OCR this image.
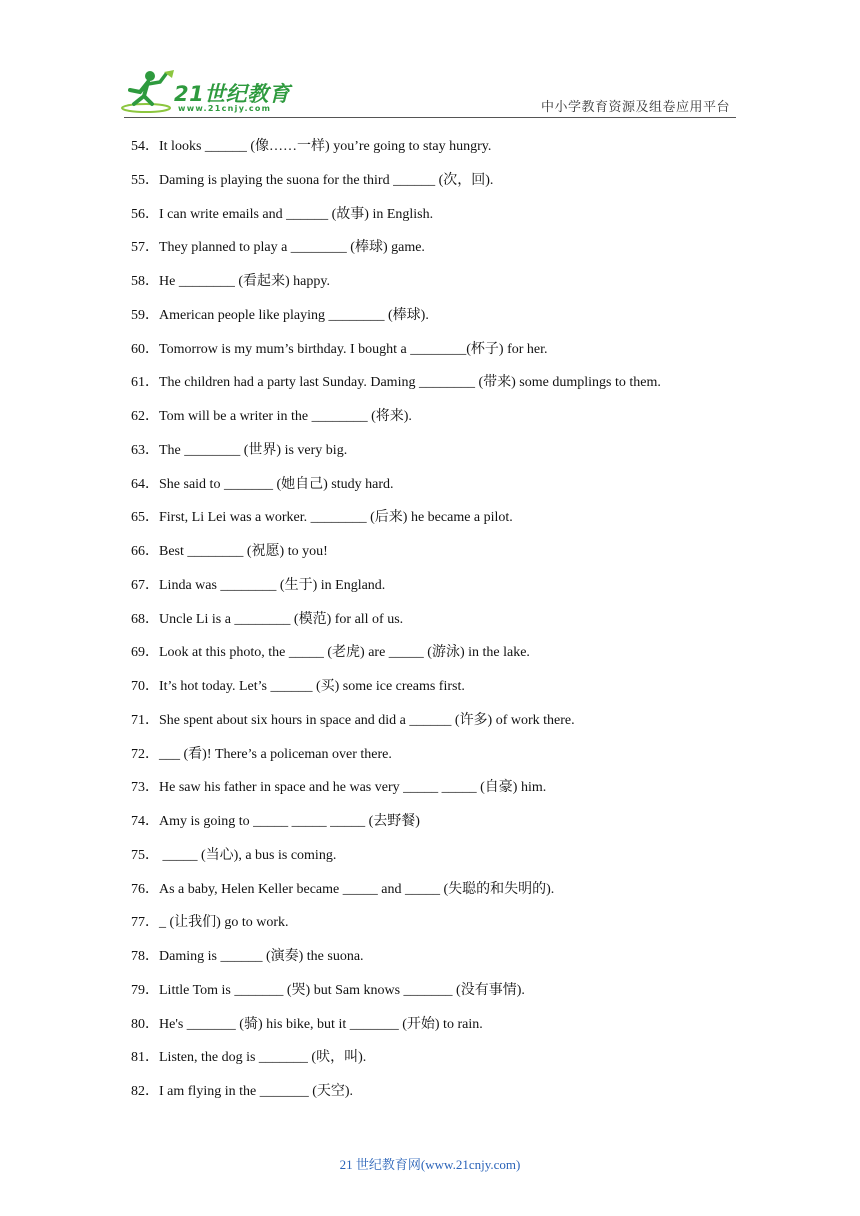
21世纪教育
www.21cnjy.com	中小学教育资源及组卷应用平台
54．It looks ______ (像……一样) you’re going to stay hungry.
55．Daming is playing the suona for the third ______ (次，回).
56．I can write emails and ______ (故事) in English.
57．They planned to play a ________ (棒球) game.
58．He ________ (看起来) happy.
59．American people like playing ________ (棒球).
60．Tomorrow is my mum’s birthday. I bought a ________(杯子) for her.
61．The children had a party last Sunday. Daming ________ (带来) some dumplings to them.
62．Tom will be a writer in the ________ (将来).
63．The ________ (世界) is very big.
64．She said to _______ (她自己) study hard.
65．First, Li Lei was a worker. ________ (后来) he became a pilot.
66．Best ________ (祝愿) to you!
67．Linda was ________ (生于) in England.
68．Uncle Li is a ________ (模范) for all of us.
69．Look at this photo, the _____ (老虎) are _____ (游泳) in the lake.
70．It’s hot today. Let’s ______ (买) some ice creams first.
71．She spent about six hours in space and did a ______ (许多) of work there.
72．___ (看)! There’s a policeman over there.
73．He saw his father in space and he was very _____ _____ (自豪) him.
74．Amy is going to _____ _____ _____ (去野餐)
75． _____ (当心), a bus is coming.
76．As a baby, Helen Keller became _____ and _____ (失聪的和失明的).
77．_ (让我们) go to work.
78．Daming is ______ (演奏) the suona.
79．Little Tom is _______ (哭) but Sam knows _______ (没有事情).
80．He's _______ (骑) his bike, but it _______ (开始) to rain.
81．Listen, the dog is _______ (吠，叫).
82．I am flying in the _______ (天空).
21 世纪教育网(www.21cnjy.com)
